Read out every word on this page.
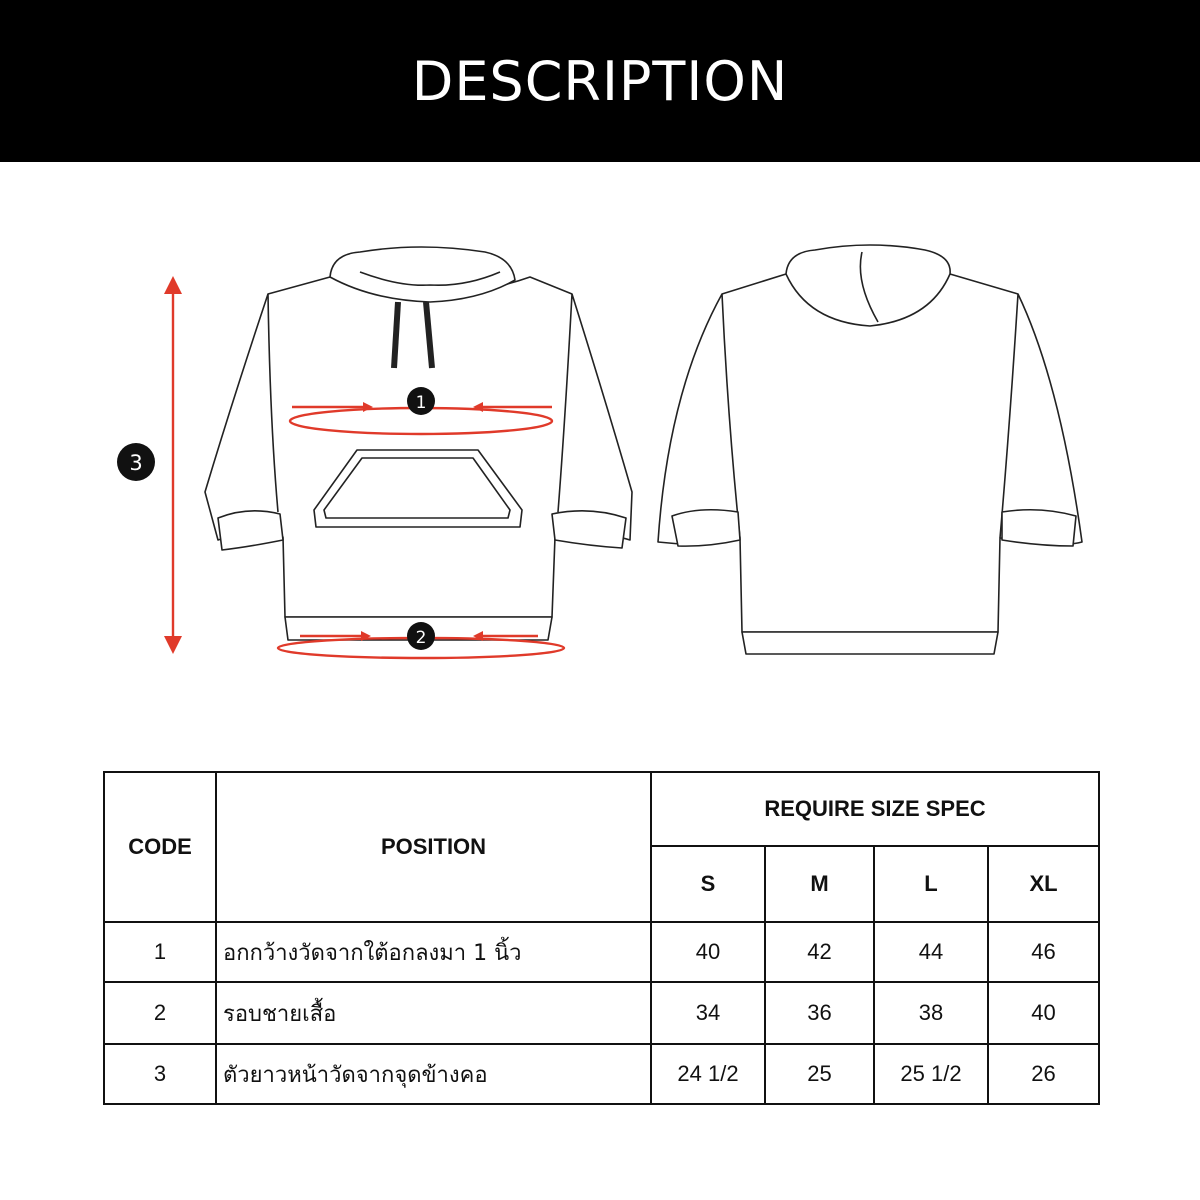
DESCRIPTION
1
2
3
CODE	POSITION	REQUIRE SIZE SPEC			
		S	M	L	XL
1	อกกว้างวัดจากใต้อกลงมา 1 นิ้ว	40	42	44	46
2	รอบชายเสื้อ	34	36	38	40
3	ตัวยาวหน้าวัดจากจุดข้างคอ	24 1/2	25	25 1/2	26
